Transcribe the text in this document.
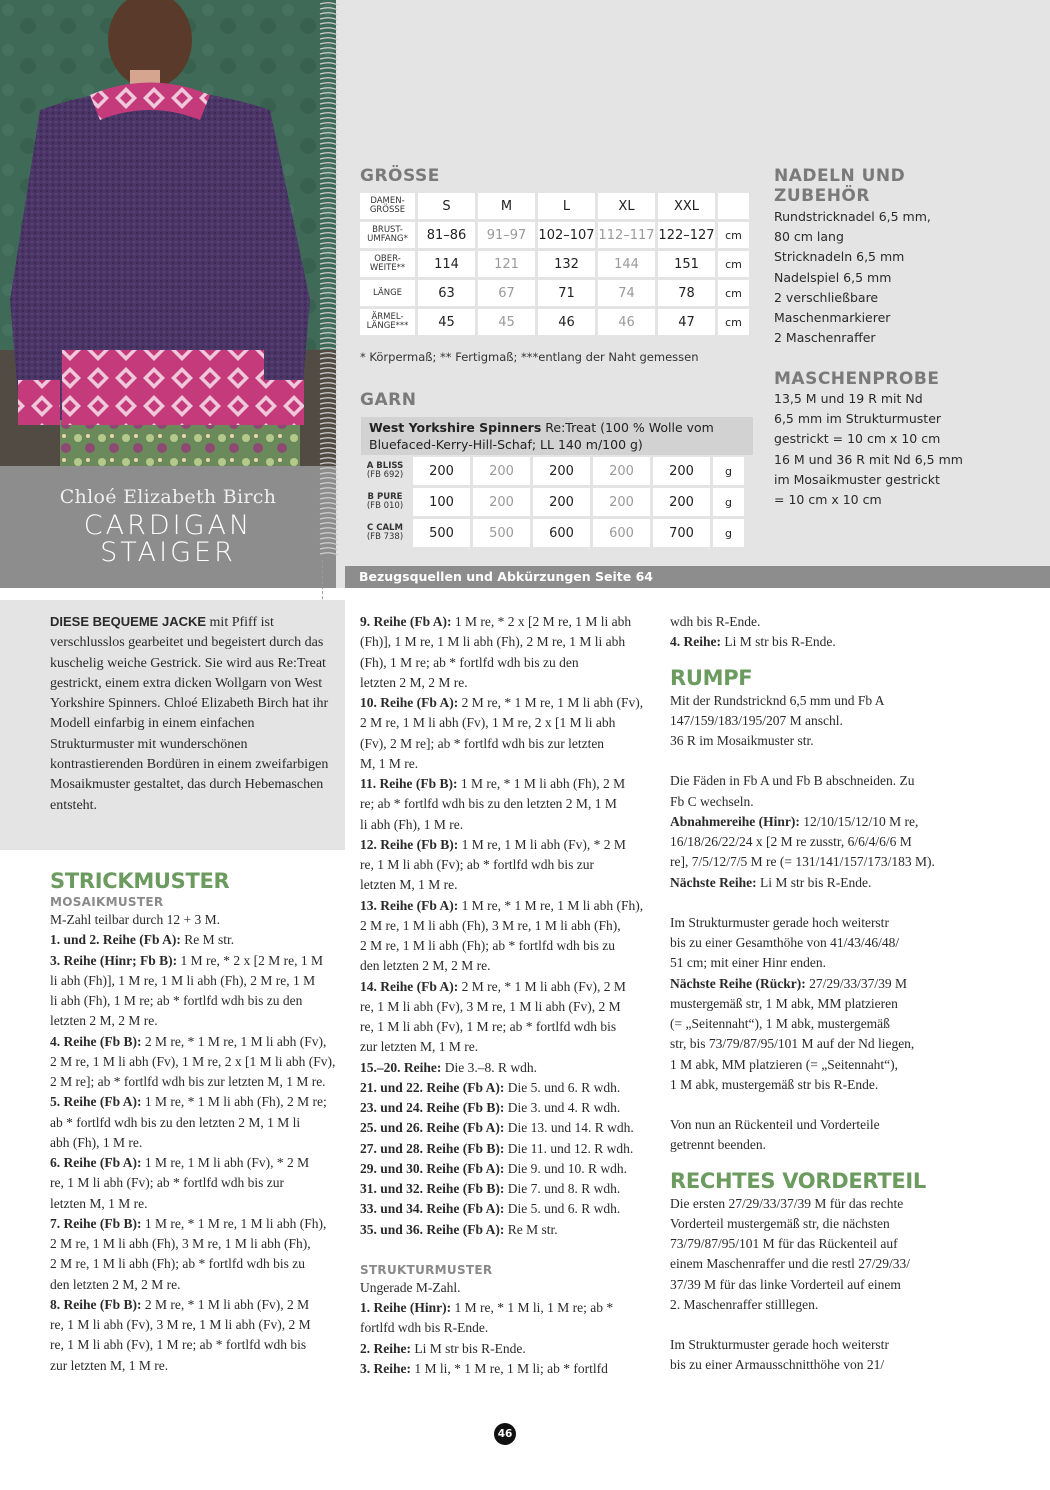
Chloé Elizabeth Birch
CARDIGAN
STAIGER
GRÖSSE
DAMEN-
GRÖSSE	S	M	L	XL	XXL	
BRUST-
UMFANG*	81–86	91–97	102–107	112–117	122–127	cm
OBER-
WEITE**	114	121	132	144	151	cm
LÄNGE	63	67	71	74	78	cm
ÄRMEL-
LÄNGE***	45	45	46	46	47	cm
* Körpermaß; ** Fertigmaß; ***entlang der Naht gemessen
GARN
West Yorkshire Spinners Re:Treat (100 % Wolle vom Bluefaced-Kerry-Hill-Schaf; LL 140 m/100 g)
A BLISS
(FB 692)	200	200	200	200	200	g

B PURE
(FB 010)	100	200	200	200	200	g

C CALM
(FB 738)	500	500	600	600	700	g
NADELN UND
ZUBEHÖR
Rundstricknadel 6,5 mm,
80 cm lang
Stricknadeln 6,5 mm
Nadelspiel 6,5 mm
2 verschließbare
Maschenmarkierer
2 Maschenraffer
MASCHENPROBE
13,5 M und 19 R mit Nd
6,5 mm im Strukturmuster
gestrickt = 10 cm x 10 cm
16 M und 36 R mit Nd 6,5 mm
im Mosaikmuster gestrickt
= 10 cm x 10 cm
Bezugsquellen und Abkürzungen Seite 64
DIESE BEQUEME JACKE mit Pfiff ist verschlusslos gearbeitet und begeistert durch das kuschelig weiche Gestrick. Sie wird aus Re:Treat gestrickt, einem extra dicken Wollgarn von West Yorkshire Spinners. Chloé Elizabeth Birch hat ihr Modell einfarbig in einem einfachen Strukturmuster mit wunderschönen kontrastierenden Bordüren in einem zweifarbigen Mosaikmuster gestaltet, das durch Hebemaschen entsteht.
STRICKMUSTER
MOSAIKMUSTER

M-Zahl teilbar durch 12 + 3 M.

1. und 2. Reihe (Fb A): Re M str.

3. Reihe (Hinr; Fb B): 1 M re, * 2 x [2 M re, 1 M
li abh (Fh)], 1 M re, 1 M li abh (Fh), 2 M re, 1 M
li abh (Fh), 1 M re; ab * fortlfd wdh bis zu den
letzten 2 M, 2 M re.

4. Reihe (Fb B): 2 M re, * 1 M re, 1 M li abh (Fv),
2 M re, 1 M li abh (Fv), 1 M re, 2 x [1 M li abh (Fv),
2 M re]; ab * fortlfd wdh bis zur letzten M, 1 M re.

5. Reihe (Fb A): 1 M re, * 1 M li abh (Fh), 2 M re;
ab * fortlfd wdh bis zu den letzten 2 M, 1 M li
abh (Fh), 1 M re.

6. Reihe (Fb A): 1 M re, 1 M li abh (Fv), * 2 M
re, 1 M li abh (Fv); ab * fortlfd wdh bis zur
letzten M, 1 M re.

7. Reihe (Fb B): 1 M re, * 1 M re, 1 M li abh (Fh),
2 M re, 1 M li abh (Fh), 3 M re, 1 M li abh (Fh),
2 M re, 1 M li abh (Fh); ab * fortlfd wdh bis zu
den letzten 2 M, 2 M re.

8. Reihe (Fb B): 2 M re, * 1 M li abh (Fv), 2 M
re, 1 M li abh (Fv), 3 M re, 1 M li abh (Fv), 2 M
re, 1 M li abh (Fv), 1 M re; ab * fortlfd wdh bis
zur letzten M, 1 M re.

9. Reihe (Fb A): 1 M re, * 2 x [2 M re, 1 M li abh
(Fh)], 1 M re, 1 M li abh (Fh), 2 M re, 1 M li abh
(Fh), 1 M re; ab * fortlfd wdh bis zu den
letzten 2 M, 2 M re.

10. Reihe (Fb A): 2 M re, * 1 M re, 1 M li abh (Fv),
2 M re, 1 M li abh (Fv), 1 M re, 2 x [1 M li abh
(Fv), 2 M re]; ab * fortlfd wdh bis zur letzten
M, 1 M re.

11. Reihe (Fb B): 1 M re, * 1 M li abh (Fh), 2 M
re; ab * fortlfd wdh bis zu den letzten 2 M, 1 M
li abh (Fh), 1 M re.

12. Reihe (Fb B): 1 M re, 1 M li abh (Fv), * 2 M
re, 1 M li abh (Fv); ab * fortlfd wdh bis zur
letzten M, 1 M re.

13. Reihe (Fb A): 1 M re, * 1 M re, 1 M li abh (Fh),
2 M re, 1 M li abh (Fh), 3 M re, 1 M li abh (Fh),
2 M re, 1 M li abh (Fh); ab * fortlfd wdh bis zu
den letzten 2 M, 2 M re.

14. Reihe (Fb A): 2 M re, * 1 M li abh (Fv), 2 M
re, 1 M li abh (Fv), 3 M re, 1 M li abh (Fv), 2 M
re, 1 M li abh (Fv), 1 M re; ab * fortlfd wdh bis
zur letzten M, 1 M re.

15.–20. Reihe: Die 3.–8. R wdh.

21. und 22. Reihe (Fb A): Die 5. und 6. R wdh.

23. und 24. Reihe (Fb B): Die 3. und 4. R wdh.

25. und 26. Reihe (Fb A): Die 13. und 14. R wdh.

27. und 28. Reihe (Fb B): Die 11. und 12. R wdh.

29. und 30. Reihe (Fb A): Die 9. und 10. R wdh.

31. und 32. Reihe (Fb B): Die 7. und 8. R wdh.

33. und 34. Reihe (Fb A): Die 5. und 6. R wdh.

35. und 36. Reihe (Fb A): Re M str.

STRUKTURMUSTER

Ungerade M-Zahl.

1. Reihe (Hinr): 1 M re, * 1 M li, 1 M re; ab *
fortlfd wdh bis R-Ende.

2. Reihe: Li M str bis R-Ende.

3. Reihe: 1 M li, * 1 M re, 1 M li; ab * fortlfd

wdh bis R-Ende.

4. Reihe: Li M str bis R-Ende.

RUMPF

Mit der Rundstricknd 6,5 mm und Fb A
147/159/183/195/207 M anschl.
36 R im Mosaikmuster str.

Die Fäden in Fb A und Fb B abschneiden. Zu
Fb C wechseln.

Abnahmereihe (Hinr): 12/10/15/12/10 M re,
16/18/26/22/24 x [2 M re zusstr, 6/6/4/6/6 M
re], 7/5/12/7/5 M re (= 131/141/157/173/183 M).

Nächste Reihe: Li M str bis R-Ende.

Im Strukturmuster gerade hoch weiterstr
bis zu einer Gesamthöhe von 41/43/46/48/
51 cm; mit einer Hinr enden.

Nächste Reihe (Rückr): 27/29/33/37/39 M
mustergemäß str, 1 M abk, MM platzieren
(= „Seitennaht“), 1 M abk, mustergemäß
str, bis 73/79/87/95/101 M auf der Nd liegen,
1 M abk, MM platzieren (= „Seitennaht“),
1 M abk, mustergemäß str bis R-Ende.

Von nun an Rückenteil und Vorderteile
getrennt beenden.

RECHTES VORDERTEIL

Die ersten 27/29/33/37/39 M für das rechte
Vorderteil mustergemäß str, die nächsten
73/79/87/95/101 M für das Rückenteil auf
einem Maschenraffer und die restl 27/29/33/
37/39 M für das linke Vorderteil auf einem
2. Maschenraffer stilllegen.

Im Strukturmuster gerade hoch weiterstr
bis zu einer Armausschnitthöhe von 21/

46
